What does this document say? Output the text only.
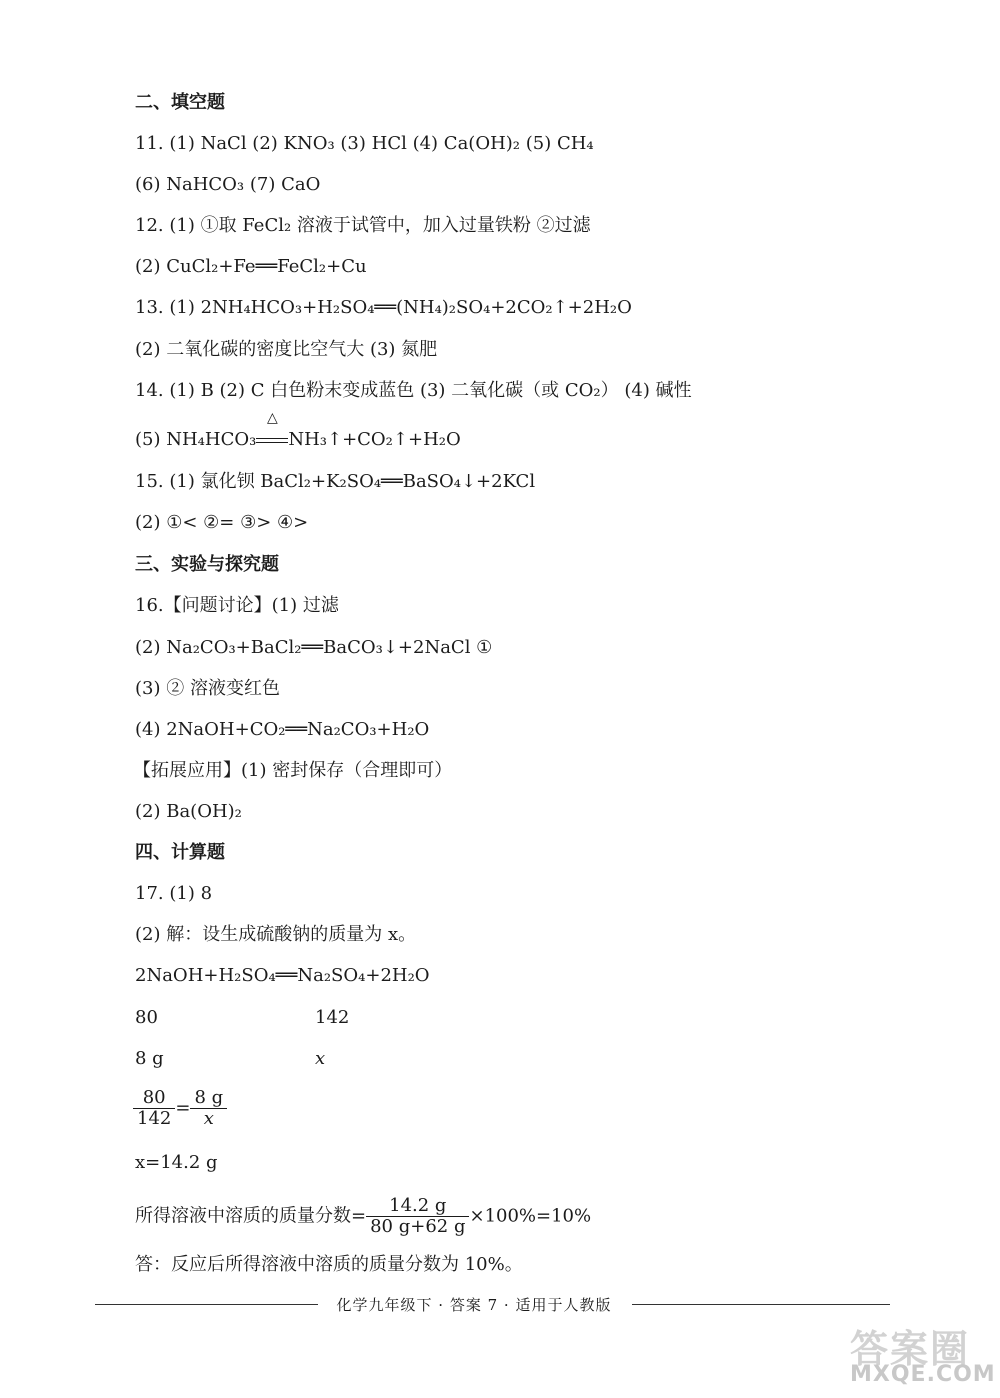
二、填空题
11. (1) NaCl (2) KNO₃ (3) HCl (4) Ca(OH)₂ (5) CH₄
(6) NaHCO₃ (7) CaO
12. (1) ①取 FeCl₂ 溶液于试管中，加入过量铁粉 ②过滤
(2) CuCl₂+Fe══FeCl₂+Cu
13. (1) 2NH₄HCO₃+H₂SO₄══(NH₄)₂SO₄+2CO₂↑+2H₂O
(2) 二氧化碳的密度比空气大 (3) 氮肥
14. (1) B (2) C 白色粉末变成蓝色 (3) 二氧化碳（或 CO₂） (4) 碱性
(5) NH₄HCO₃
△
NH₃↑+CO₂↑+H₂O
15. (1) 氯化钡 BaCl₂+K₂SO₄══BaSO₄↓+2KCl
(2) ①< ②= ③> ④>
三、实验与探究题
16.【问题讨论】(1) 过滤
(2) Na₂CO₃+BaCl₂══BaCO₃↓+2NaCl ①
(3) ② 溶液变红色
(4) 2NaOH+CO₂══Na₂CO₃+H₂O
【拓展应用】(1) 密封保存（合理即可）
(2) Ba(OH)₂
四、计算题
17. (1) 8
(2) 解：设生成硫酸钠的质量为 x。
2NaOH+H₂SO₄══Na₂SO₄+2H₂O
80	142
8 g	x
$\frac{80}{142} = \frac{8 g}{x}$
x=14.2 g
所得溶液中溶质的质量分数= $\frac{14.2 g}{80 g+62 g} \times 100\%=10\%$
答：反应后所得溶液中溶质的质量分数为 10%。
化学九年级下 · 答案 7 · 适用于人教版
答案圈
MXQE.COM
